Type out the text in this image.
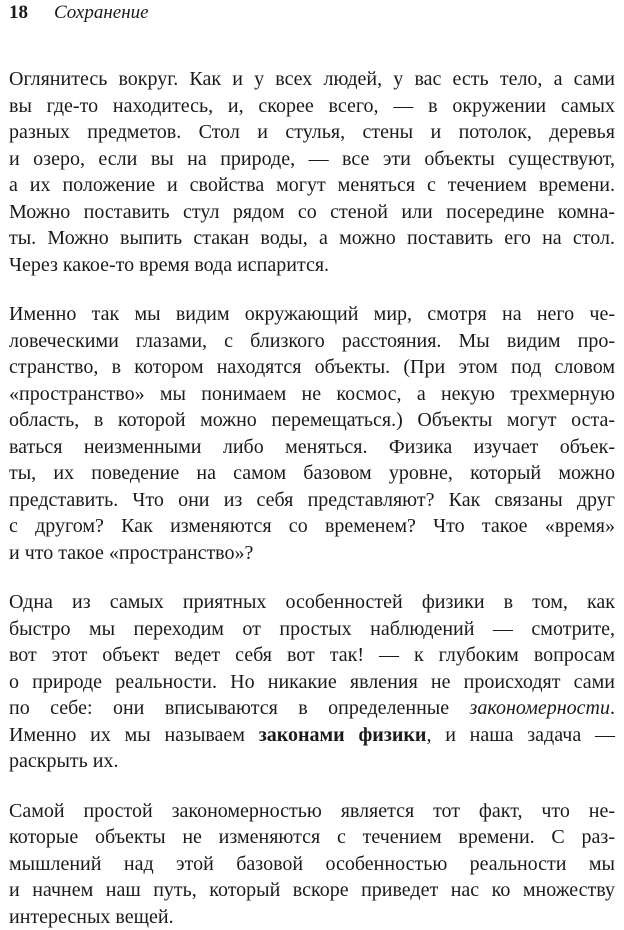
18 Сохранение

Оглянитесь вокруг. Как и у всех людей, у вас есть тело, а сами
вы где-то находитесь, и, скорее всего, — в окружении самых
разных предметов. Стол и стулья, стены и потолок, деревья
и озеро, если вы на природе, — все эти объекты существуют,
а их положение и свойства могут меняться с течением времени.
Можно поставить стул рядом со стеной или посередине комна-
ты. Можно выпить стакан воды, а можно поставить его на стол.
Через какое-то время вода испарится.

Именно так мы видим окружающий мир, смотря на него че-
ловеческими глазами, с близкого расстояния. Мы видим про-
странство, в котором находятся объекты. (При этом под словом
«пространство» мы понимаем не космос, а некую трехмерную
область, в которой можно перемещаться.) Объекты могут оста-
ваться неизменными либо меняться. Физика изучает объек-
ты, их поведение на самом базовом уровне, который можно
представить. Что они из себя представляют? Как связаны друг
с другом? Как изменяются со временем? Что такое «время»
и что такое «пространство»?

Одна из самых приятных особенностей физики в том, как
быстро мы переходим от простых наблюдений — смотрите,
вот этот объект ведет себя вот так! — к глубоким вопросам
о природе реальности. Но никакие явления не происходят сами
по себе: они вписываются в определенные закономерности.
Именно их мы называем законами физики, и наша задача —
раскрыть их.

Самой простой закономерностью является тот факт, что не-
которые объекты не изменяются с течением времени. С раз-
мышлений над этой базовой особенностью реальности мы
и начнем наш путь, который вскоре приведет нас ко множеству
интересных вещей.
